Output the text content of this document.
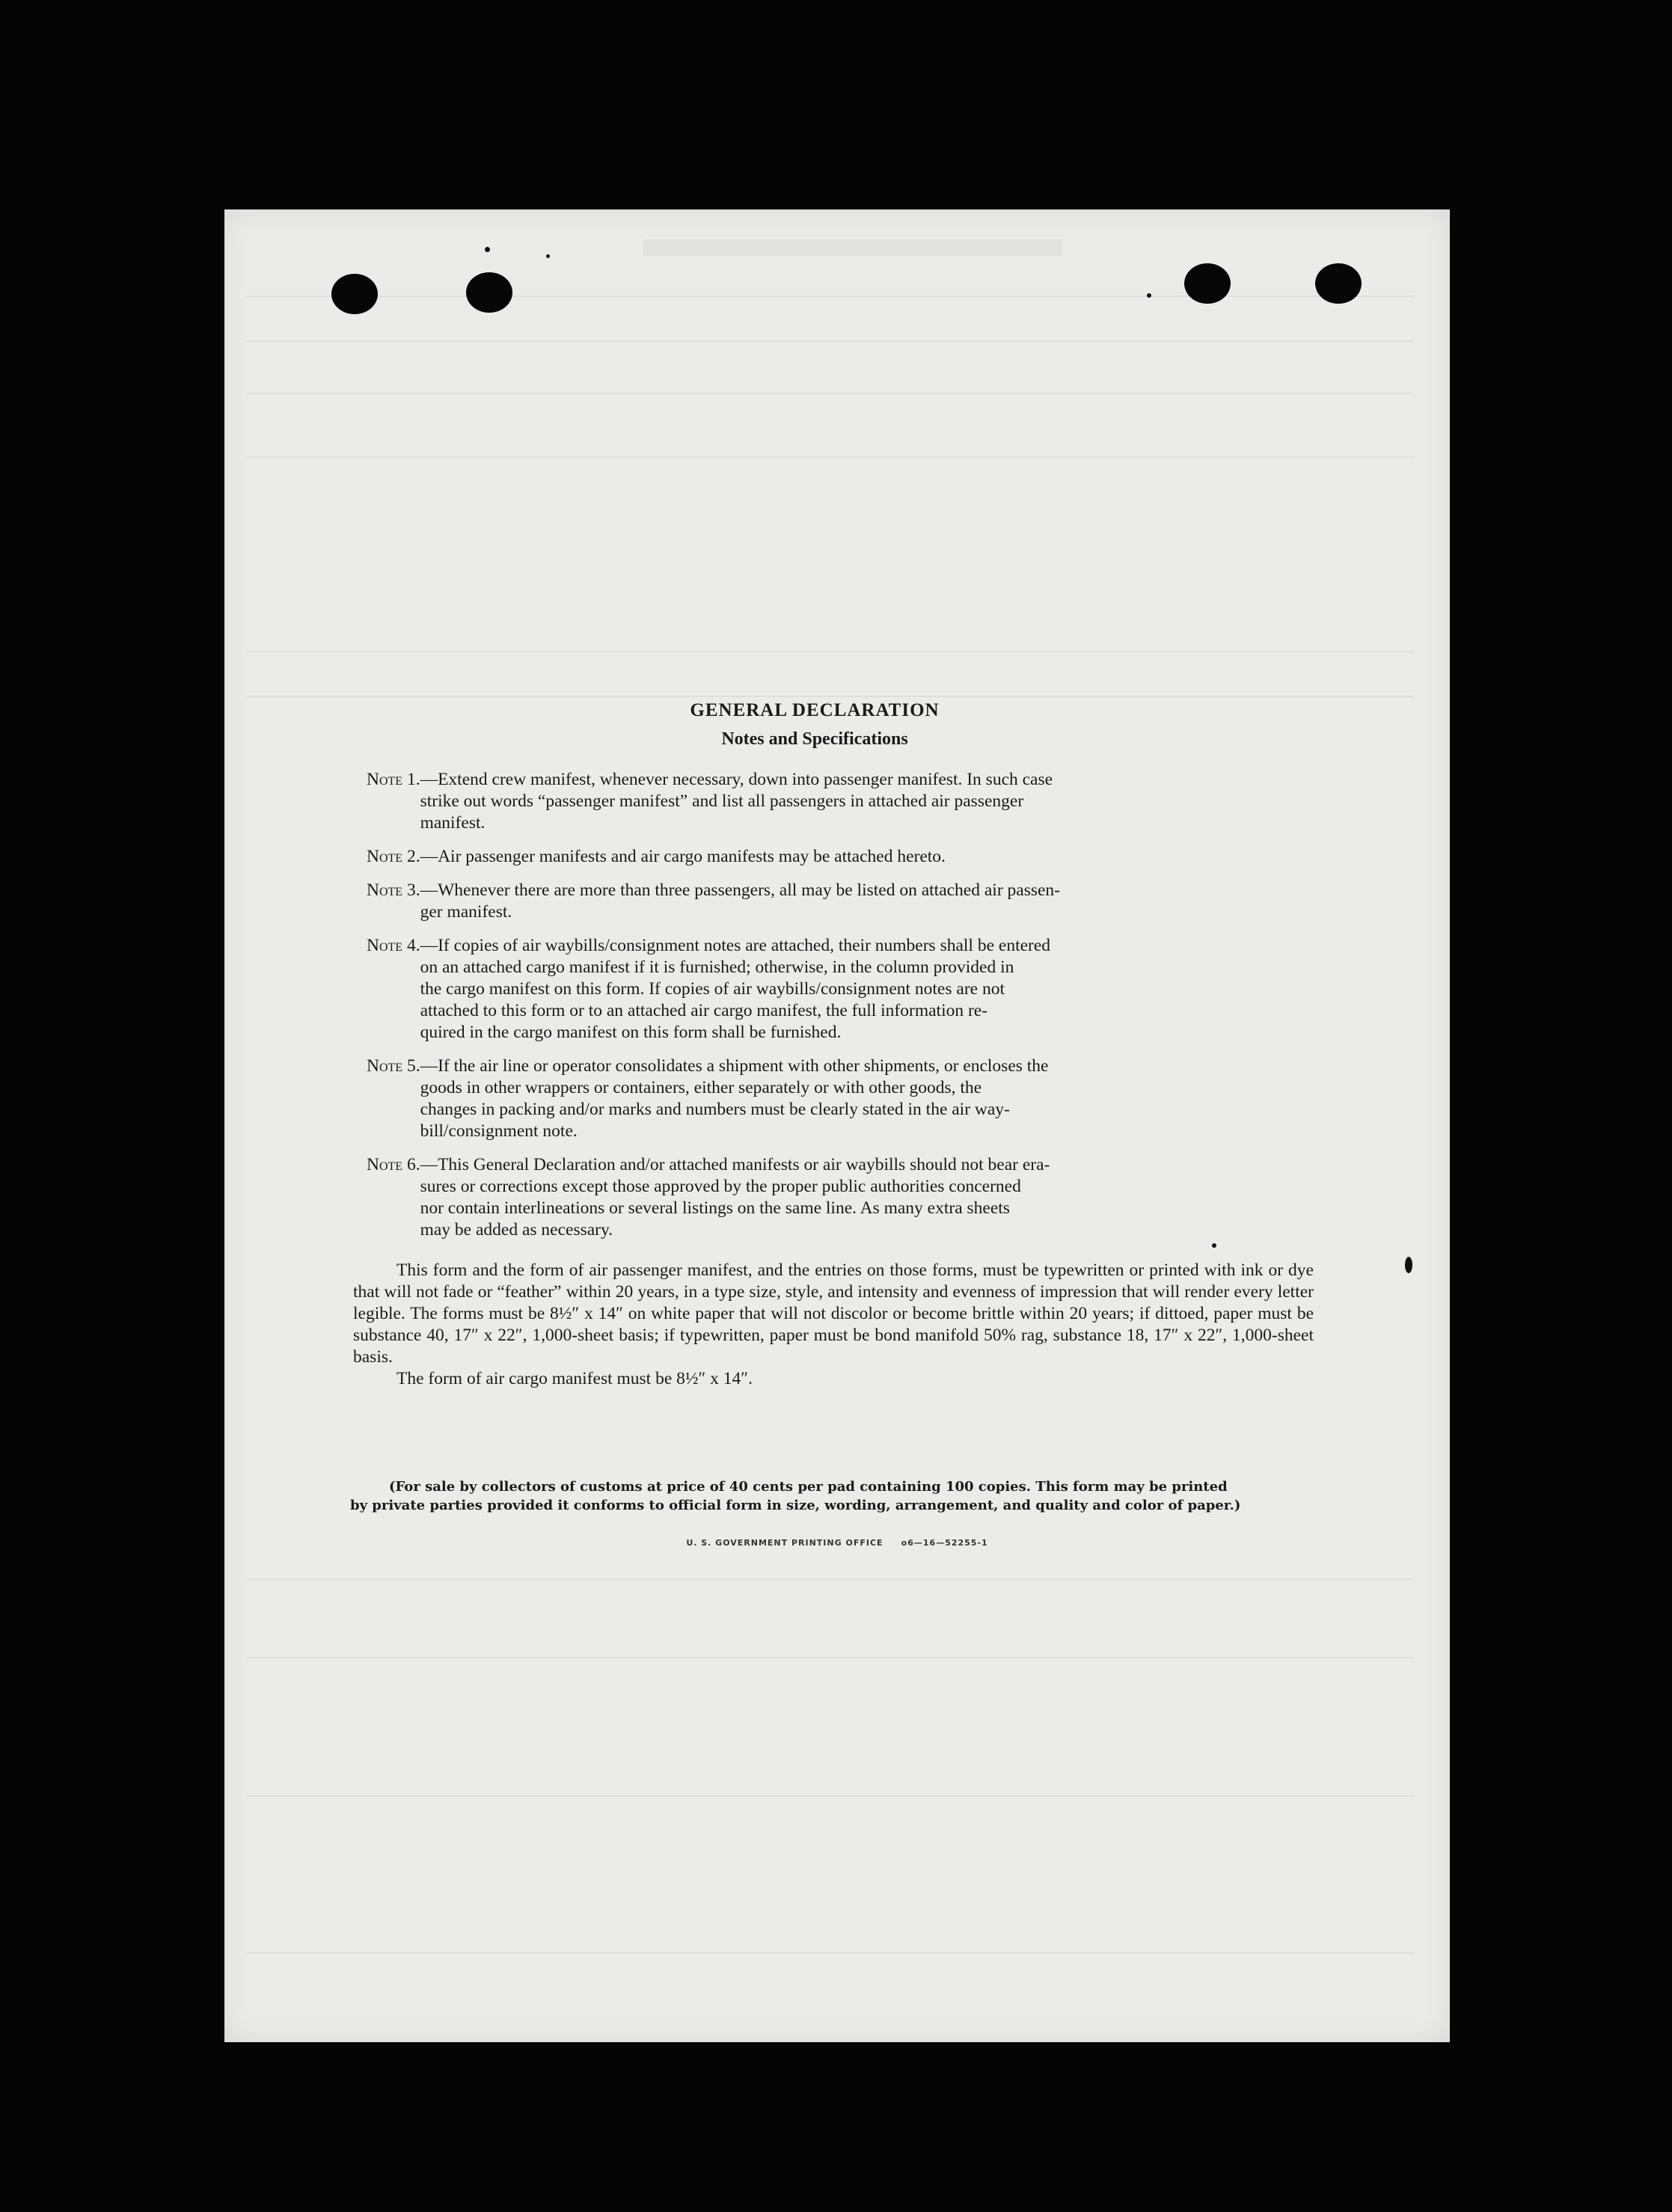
GENERAL DECLARATION
Notes and Specifications
Note 1. —Extend crew manifest, whenever necessary, down into passenger manifest. In such case
strike out words “passenger manifest” and list all passengers in attached air passenger
manifest.
Note 2. —Air passenger manifests and air cargo manifests may be attached hereto.
Note 3. —Whenever there are more than three passengers, all may be listed on attached air passen-
ger manifest.
Note 4. —If copies of air waybills/consignment notes are attached, their numbers shall be entered
on an attached cargo manifest if it is furnished; otherwise, in the column provided in
the cargo manifest on this form. If copies of air waybills/consignment notes are not
attached to this form or to an attached air cargo manifest, the full information re-
quired in the cargo manifest on this form shall be furnished.
Note 5. —If the air line or operator consolidates a shipment with other shipments, or encloses the
goods in other wrappers or containers, either separately or with other goods, the
changes in packing and/or marks and numbers must be clearly stated in the air way-
bill/consignment note.
Note 6. —This General Declaration and/or attached manifests or air waybills should not bear era-
sures or corrections except those approved by the proper public authorities concerned
nor contain interlineations or several listings on the same line. As many extra sheets
may be added as necessary.

This form and the form of air passenger manifest, and the entries on those forms, must be typewritten or printed with ink or dye that will not fade or “feather” within 20 years, in a type size, style, and intensity and evenness of impression that will render every letter legible. The forms must be 8½″ x 14″ on white paper that will not discolor or become brittle within 20 years; if dittoed, paper must be substance 40, 17″ x 22″, 1,000-sheet basis; if typewritten, paper must be bond manifold 50% rag, substance 18, 17″ x 22″, 1,000-sheet basis.

The form of air cargo manifest must be 8½″ x 14″.

(For sale by collectors of customs at price of 40 cents per pad containing 100 copies. This form may be printed
by private parties provided it conforms to official form in size, wording, arrangement, and quality and color of paper.)
U. S. GOVERNMENT PRINTING OFFICE     o6—16—52255-1
